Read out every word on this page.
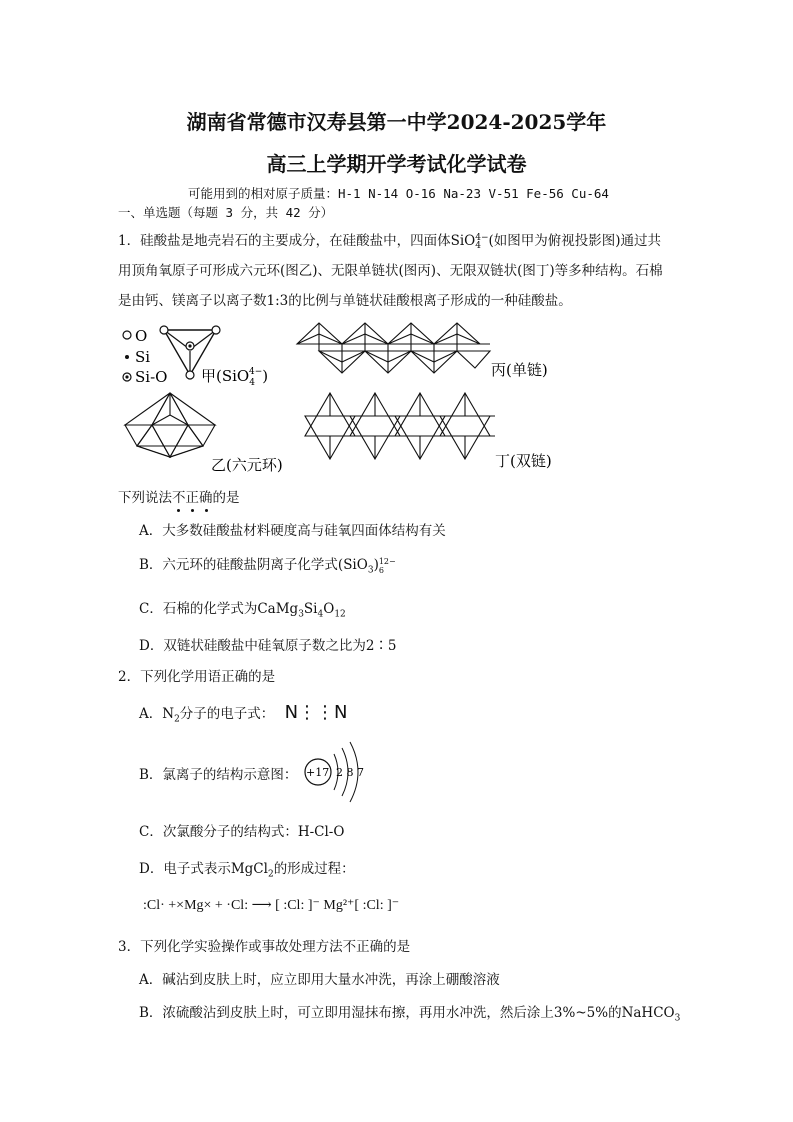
湖南省常德市汉寿县第一中学2024-2025学年
高三上学期开学考试化学试卷
可能用到的相对原子质量：H-1 N-14 O-16 Na-23 V-51 Fe-56 Cu-64
一、单选题（每题 3 分，共 42 分）
1．硅酸盐是地壳岩石的主要成分，在硅酸盐中，四面体SiO 4−
4 (如图甲为俯视投影图)通过共
用顶角氧原子可形成六元环(图乙)、无限单链状(图丙)、无限双链状(图丁)等多种结构。石棉
是由钙、镁离子以离子数1:3的比例与单链状硅酸根离子形成的一种硅酸盐。
O
Si
Si-O 甲(SiO$_4$4−)	丙(单链)
乙(六元环)	丁(双链)
下列说法不正确
的是
A．大多数硅酸盐材料硬度高与硅氧四面体结构有关
B．六元环的硅酸盐阴离子化学式(SiO$_3$) 12−
6
C．石棉的化学式为$CaMg_3Si_4O_{12}$
D．双链状硅酸盐中硅氧原子数之比为2∶5
2．下列化学用语正确的是
A．$N_2$分子的电子式： N⋮⋮N
B．氯离子的结构示意图： +17 2 8 7
C．次氯酸分子的结构式：H-Cl-O
D．电子式表示MgCl$_2$的形成过程：
:Cl· +×Mg× + ·Cl: ⟶ [ :Cl: ]⁻ Mg²⁺[ :Cl: ]⁻
3．下列化学实验操作或事故处理方法不正确的是
A．碱沾到皮肤上时，应立即用大量水冲洗，再涂上硼酸溶液
B．浓硫酸沾到皮肤上时，可立即用湿抹布擦，再用水冲洗，然后涂上3%~5%的NaHCO$_3$
